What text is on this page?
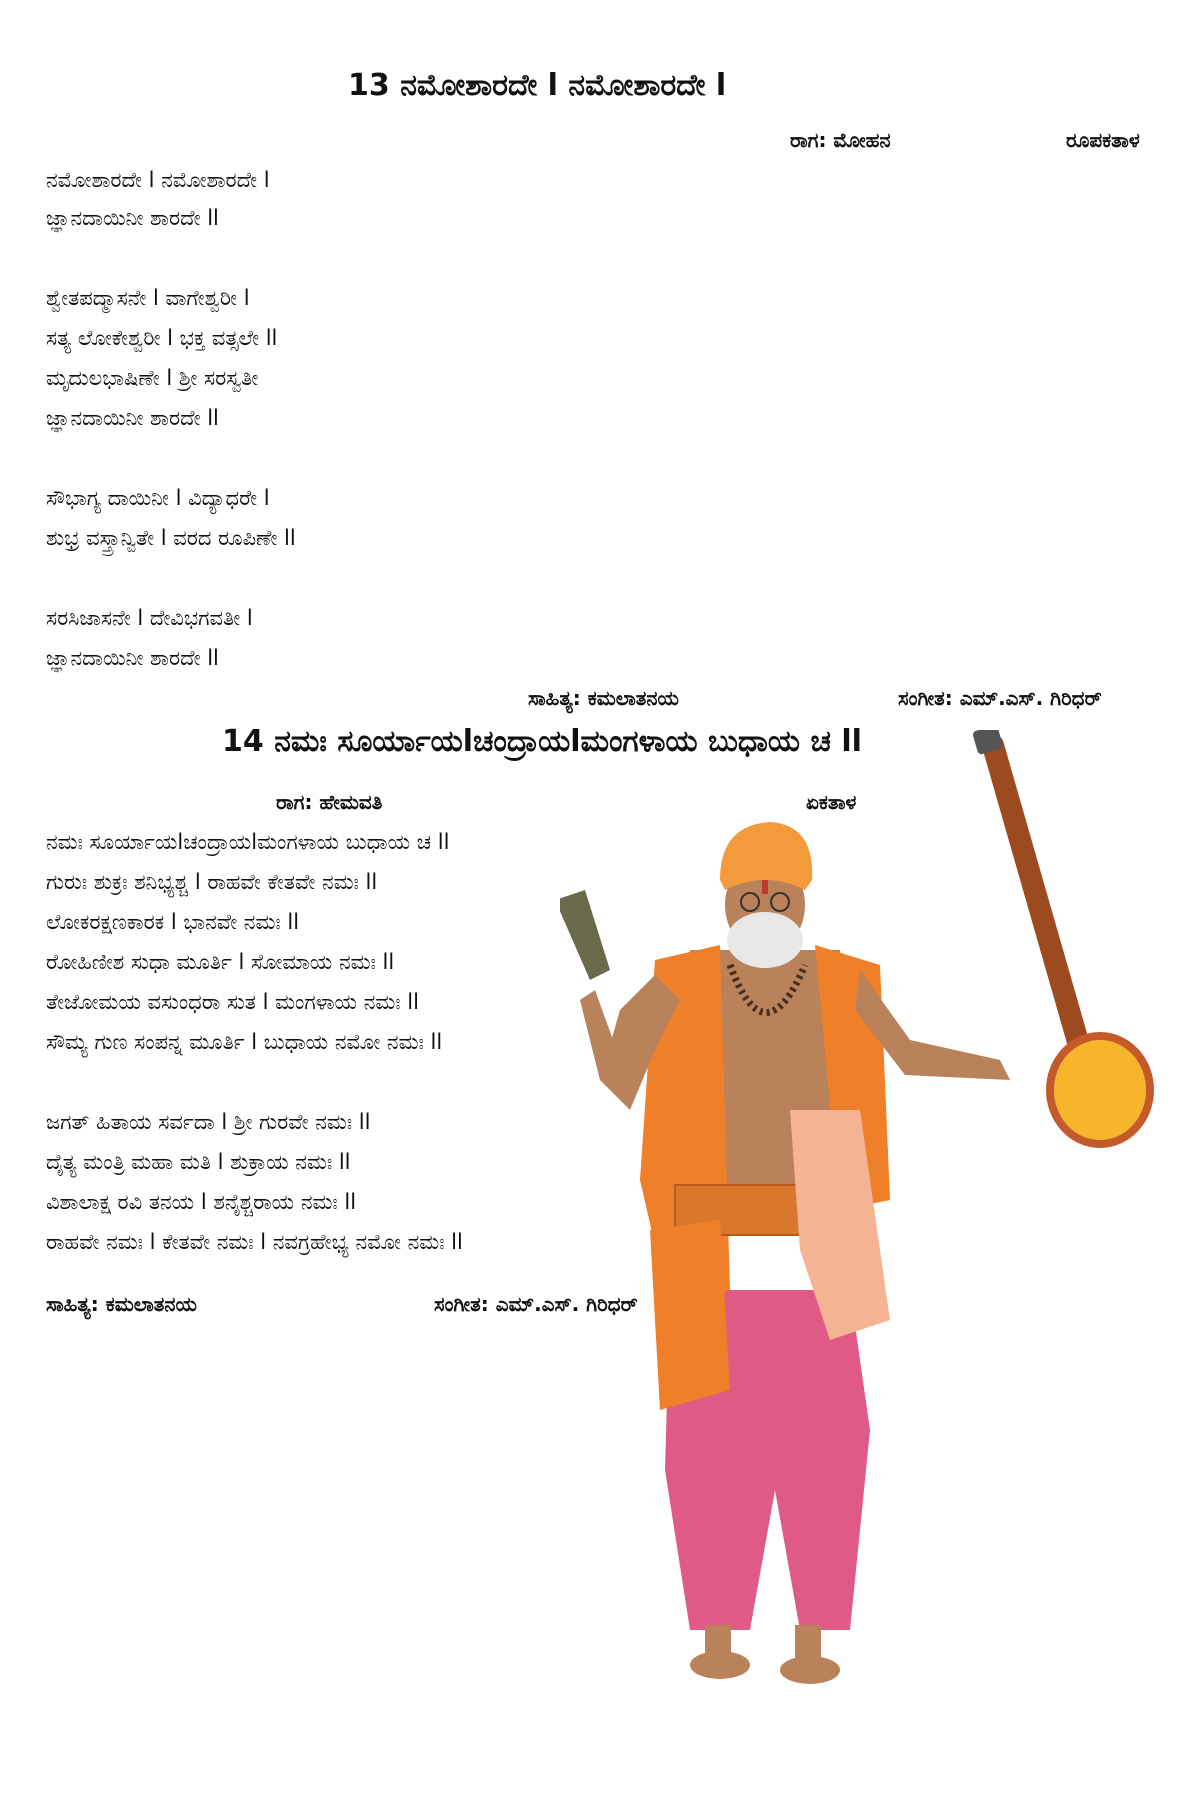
13 ನಮೋಶಾರದೇ l ನಮೋಶಾರದೇ l
ರಾಗ: ಮೋಹನ	ರೂಪಕತಾಳ
ನಮೋಶಾರದೇ l ನಮೋಶಾರದೇ l
ಜ್ಞಾನದಾಯಿನೀ ಶಾರದೇ ll
ಶ್ವೇತಪದ್ಮಾಸನೇ l ವಾಗೇಶ್ವರೀ l
ಸತ್ಯ ಲೋಕೇಶ್ವರೀ l ಭಕ್ತ ವತ್ಸಲೇ ll
ಮೃದುಲಭಾಷಿಣೇ l ಶ್ರೀ ಸರಸ್ವತೀ
ಜ್ಞಾನದಾಯಿನೀ ಶಾರದೇ ll
ಸೌಭಾಗ್ಯ ದಾಯಿನೀ l ವಿದ್ಯಾಧರೇ l
ಶುಭ್ರ ವಸ್ತ್ರಾನ್ವಿತೇ l ವರದ ರೂಪಿಣೇ ll
ಸರಸಿಜಾಸನೇ l ದೇವಿಭಗವತೀ l
ಜ್ಞಾನದಾಯಿನೀ ಶಾರದೇ ll
ಸಾಹಿತ್ಯ: ಕಮಲಾತನಯ	ಸಂಗೀತ: ಎಮ್.ಎಸ್. ಗಿರಿಧರ್
14 ನಮಃ ಸೂರ್ಯಾಯlಚಂದ್ರಾಯlಮಂಗಳಾಯ ಬುಧಾಯ ಚ ll
ರಾಗ: ಹೇಮವತಿ	ಏಕತಾಳ
ನಮಃ ಸೂರ್ಯಾಯlಚಂದ್ರಾಯlಮಂಗಳಾಯ ಬುಧಾಯ ಚ ll
ಗುರುಃ ಶುಕ್ರಃ ಶನಿಭ್ಯಶ್ಚ l ರಾಹವೇ ಕೇತವೇ ನಮಃ ll
ಲೋಕರಕ್ಷಣಕಾರಕ l ಭಾನವೇ ನಮಃ ll
ರೋಹಿಣೀಶ ಸುಧಾ ಮೂರ್ತಿ l ಸೋಮಾಯ ನಮಃ ll
ತೇಜೋಮಯ ವಸುಂಧರಾ ಸುತ l ಮಂಗಳಾಯ ನಮಃ ll
ಸೌಮ್ಯ ಗುಣ ಸಂಪನ್ನ ಮೂರ್ತಿ l ಬುಧಾಯ ನಮೋ ನಮಃ ll
ಜಗತ್ ಹಿತಾಯ ಸರ್ವದಾ l ಶ್ರೀ ಗುರವೇ ನಮಃ ll
ದೈತ್ಯ ಮಂತ್ರಿ ಮಹಾ ಮತಿ l ಶುಕ್ರಾಯ ನಮಃ ll
ವಿಶಾಲಾಕ್ಷ ರವಿ ತನಯ l ಶನೈಶ್ಚರಾಯ ನಮಃ ll
ರಾಹವೇ ನಮಃ l ಕೇತವೇ ನಮಃ l ನವಗ್ರಹೇಭ್ಯ ನಮೋ ನಮಃ ll
ಸಾಹಿತ್ಯ: ಕಮಲಾತನಯ	ಸಂಗೀತ: ಎಮ್.ಎಸ್. ಗಿರಿಧರ್
